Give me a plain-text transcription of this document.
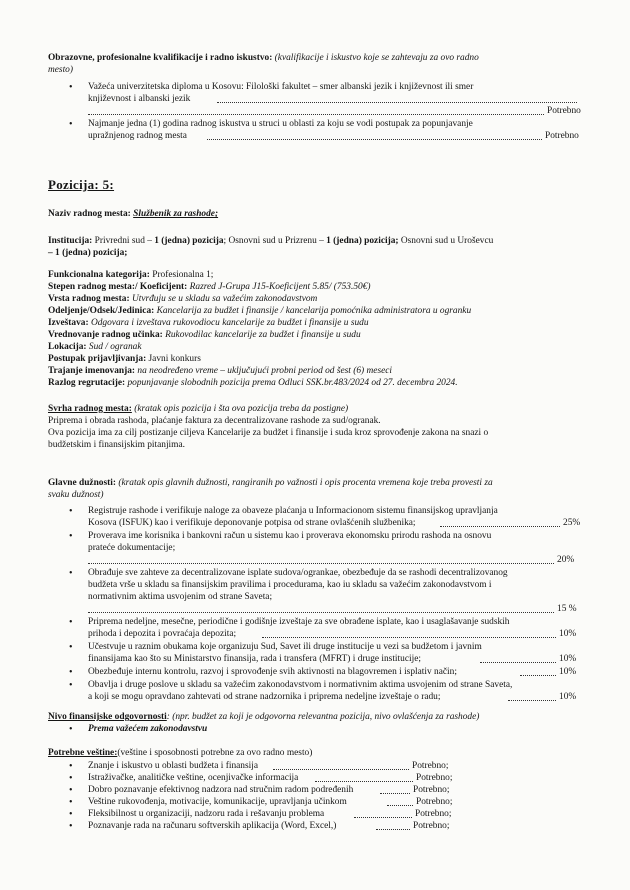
Obrazovne, profesionalne kvalifikacije i radno iskustvo: (kvalifikacije i iskustvo koje se zahtevaju za ovo radno
mesto)
• Važeća univerzitetska diploma u Kosovu: Filološki fakultet – smer albanski jezik i književnost ili smer
književnost i albanski jezik
Potrebno
• Najmanje jedna (1) godina radnog iskustva u struci u oblasti za koju se vodi postupak za popunjavanje
upražnjenog radnog mesta	Potrebno
Pozicija: 5:
Naziv radnog mesta: Službenik za rashode;
Institucija: Privredni sud – 1 (jedna) pozicija; Osnovni sud u Prizrenu – 1 (jedna) pozicija; Osnovni sud u Uroševcu
– 1 (jedna) pozicija;
Funkcionalna kategorija: Profesionalna 1;
Stepen radnog mesta:/ Koeficijent: Razred J-Grupa J15-Koeficijent 5.85/ (753.50€)
Vrsta radnog mesta: Utvrđuju se u skladu sa važećim zakonodavstvom
Odeljenje/Odsek/Jedinica: Kancelarija za budžet i finansije / kancelarija pomoćnika administratora u ogranku
Izveštava: Odgovara i izveštava rukovodiocu kancelarije za budžet i finansije u sudu
Vrednovanje radnog učinka: Rukovodilac kancelarije za budžet i finansije u sudu
Lokacija: Sud / ogranak
Postupak prijavljivanja: Javni konkurs
Trajanje imenovanja: na neodređeno vreme – uključujući probni period od šest (6) meseci
Razlog regrutacije: popunjavanje slobodnih pozicija prema Odluci SSK.br.483/2024 od 27. decembra 2024.
Svrha radnog mesta: (kratak opis pozicija i šta ova pozicija treba da postigne)
Priprema i obrada rashoda, plaćanje faktura za decentralizovane rashode za sud/ogranak.
Ova pozicija ima za cilj postizanje ciljeva Kancelarije za budžet i finansije i suda kroz sprovođenje zakona na snazi o
budžetskim i finansijskim pitanjima.
Glavne dužnosti: (kratak opis glavnih dužnosti, rangiranih po važnosti i opis procenta vremena koje treba provesti za
svaku dužnost)
• Registruje rashode i verifikuje naloge za obaveze plaćanja u Informacionom sistemu finansijskog upravljanja
Kosova (ISFUK) kao i verifikuje deponovanje potpisa od strane ovlašćenih službenika;	25%
• Proverava ime korisnika i bankovni račun u sistemu kao i proverava ekonomsku prirodu rashoda na osnovu
prateće dokumentacije;
20%
• Obrađuje sve zahteve za decentralizovane isplate sudova/ogrankae, obezbeđuje da se rashodi decentralizovanog
budžeta vrše u skladu sa finansijskim pravilima i procedurama, kao iu skladu sa važećim zakonodavstvom i
normativnim aktima usvojenim od strane Saveta;
15 %
• Priprema nedeljne, mesečne, periodične i godišnje izveštaje za sve obrađene isplate, kao i usaglašavanje sudskih
prihoda i depozita i povraćaja depozita;	10%
• Učestvuje u raznim obukama koje organizuju Sud, Savet ili druge institucije u vezi sa budžetom i javnim
finansijama kao što su Ministarstvo finansija, rada i transfera (MFRT) i druge institucije;	10%
• Obezbeđuje internu kontrolu, razvoj i sprovođenje svih aktivnosti na blagovremen i isplativ način;	10%
• Obavlja i druge poslove u skladu sa važećim zakonodavstvom i normativnim aktima usvojenim od strane Saveta,
a koji se mogu opravdano zahtevati od strane nadzornika i priprema nedelјne izveštaje o radu;	10%
Nivo finansijske odgovornosti: (npr. budžet za koji je odgovorna relevantna pozicija, nivo ovlašćenja za rashode)
• Prema važećem zakonodavstvu
Potrebne veštine:(veštine i sposobnosti potrebne za ovo radno mesto)
• Znanje i iskustvo u oblasti budžeta i finansija	Potrebno;
• Istraživačke, analitičke veštine, ocenjivačke informacija	Potrebno;
• Dobro poznavanje efektivnog nadzora nad stručnim radom podređenih	Potrebno;
• Veštine rukovođenja, motivacije, komunikacije, upravljanja učinkom	Potrebno;
• Fleksibilnost u organizaciji, nadzoru rada i rešavanju problema	Potrebno;
• Poznavanje rada na računaru softverskih aplikacija (Word, Excel,)	Potrebno;
